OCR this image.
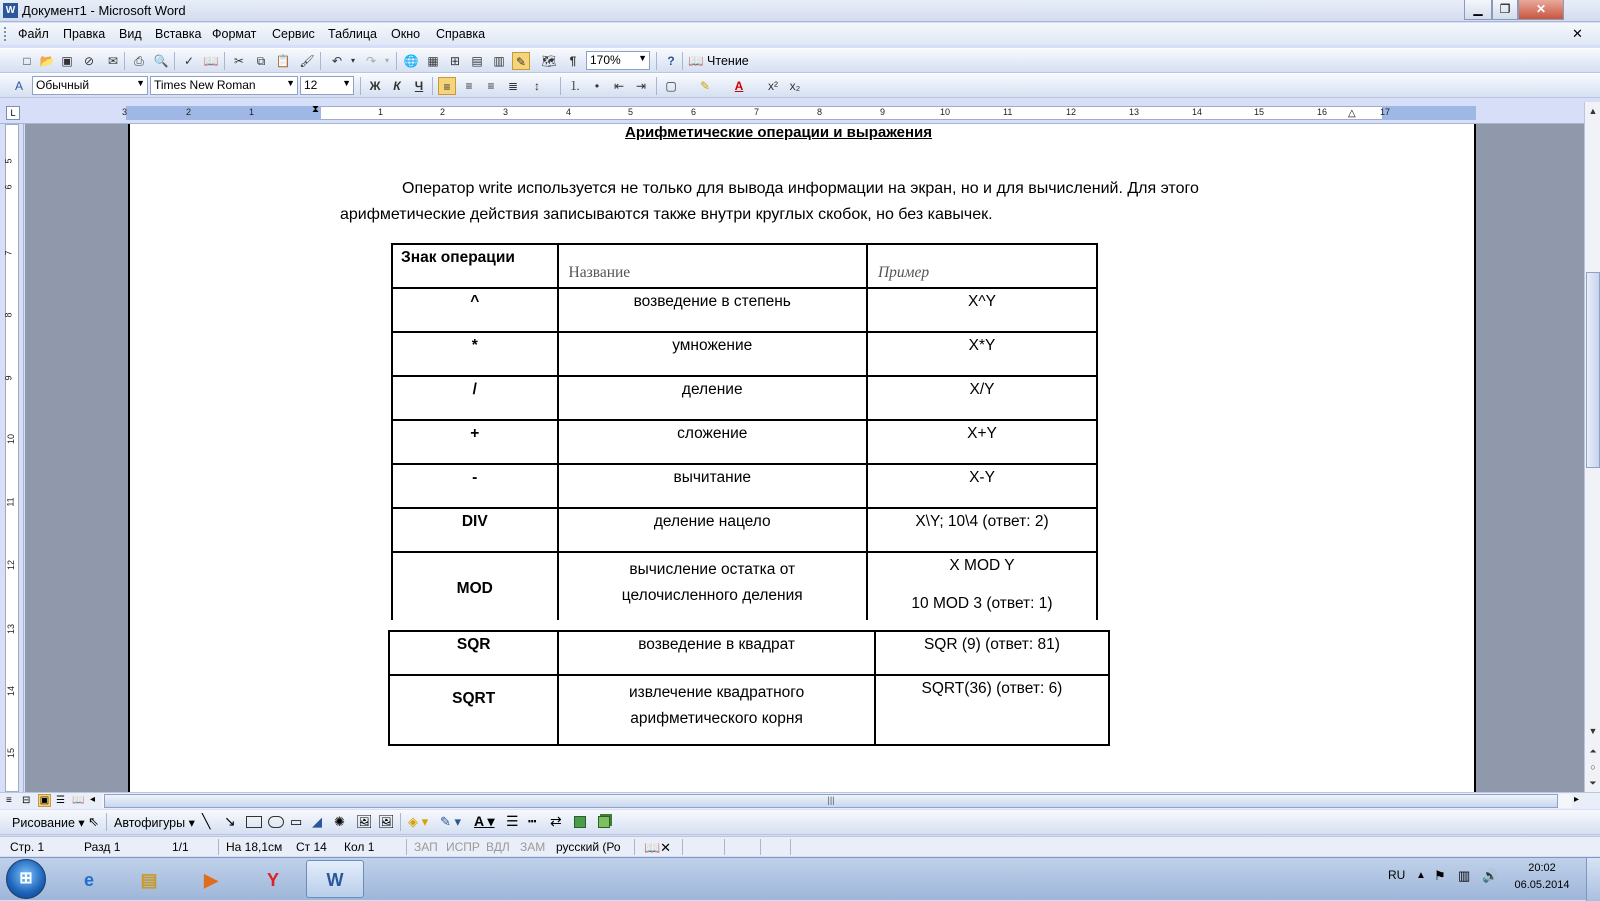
W Документ1 - Microsoft Word	▁	❐	✕
Файл Правка Вид Вставка Формат Сервис Таблица Окно Справка	✕
□ 📂 ▣ ⊘	✉	⎙ 🔍	✓ 📖	✂	⧉ 📋 🖌	↶	▾ ↷	▾	🌐 ▦ ⊞ ▤ ▥ ✎	🗺	¶	170% ▼	?	📖 Чтение
A	Обычный	▼ Times New Roman	▼ 12	▼ Ж	К	Ч	≡	≡	≡	≣	↕	⒈	•	⇤ ⇥	▢	✎	A	x² x₂
L	3	2	1	1	2	3	4	5	6	7	8	9	10	11	12	13	14	15	16	17
⧗	△
5
6
7
8
9
10
11
12
13
14
15
Оператор write используется не только для вывода информации на экран, но и для вычислений. Для этого арифметические действия записываются также внутри круглых скобок, но без кавычек.
Знак операции	Название	Пример
^	возведение в степень	X^Y
*	умножение	X*Y
/	деление	X/Y
+	сложение	X+Y
-	вычитание	X-Y
DIV	деление нацело	X\Y; 10\4 (ответ: 2)
MOD	вычисление остатка от целочисленного деления	X MOD Y
10 MOD 3 (ответ: 1)
SQR	возведение в квадрат	SQR (9) (ответ: 81)
SQRT	извлечение квадратного арифметического корня	SQRT(36) (ответ: 6)
▲
▼
⏶
○
⏷
≡ ⊟ ▣ ☰ 📖 ◂	|||	▸
Рисование ▾ ⇖ Автофигуры ▾ ╲ ↘	▭ ◢ ✺ 🖼 🖼 ◈ ▾ ✎ ▾ A ▾ ☰ ┅ ⇄
Стр. 1	Разд 1	1/1	На 18,1см Ст 14 Кол 1	ЗАП ИСПР ВДЛ ЗАМ русский (Ро 📖✕
⊞	e	▤	▶	Y	W	RU ▲ ⚑ ▥ 🔊	20:02
06.05.2014
